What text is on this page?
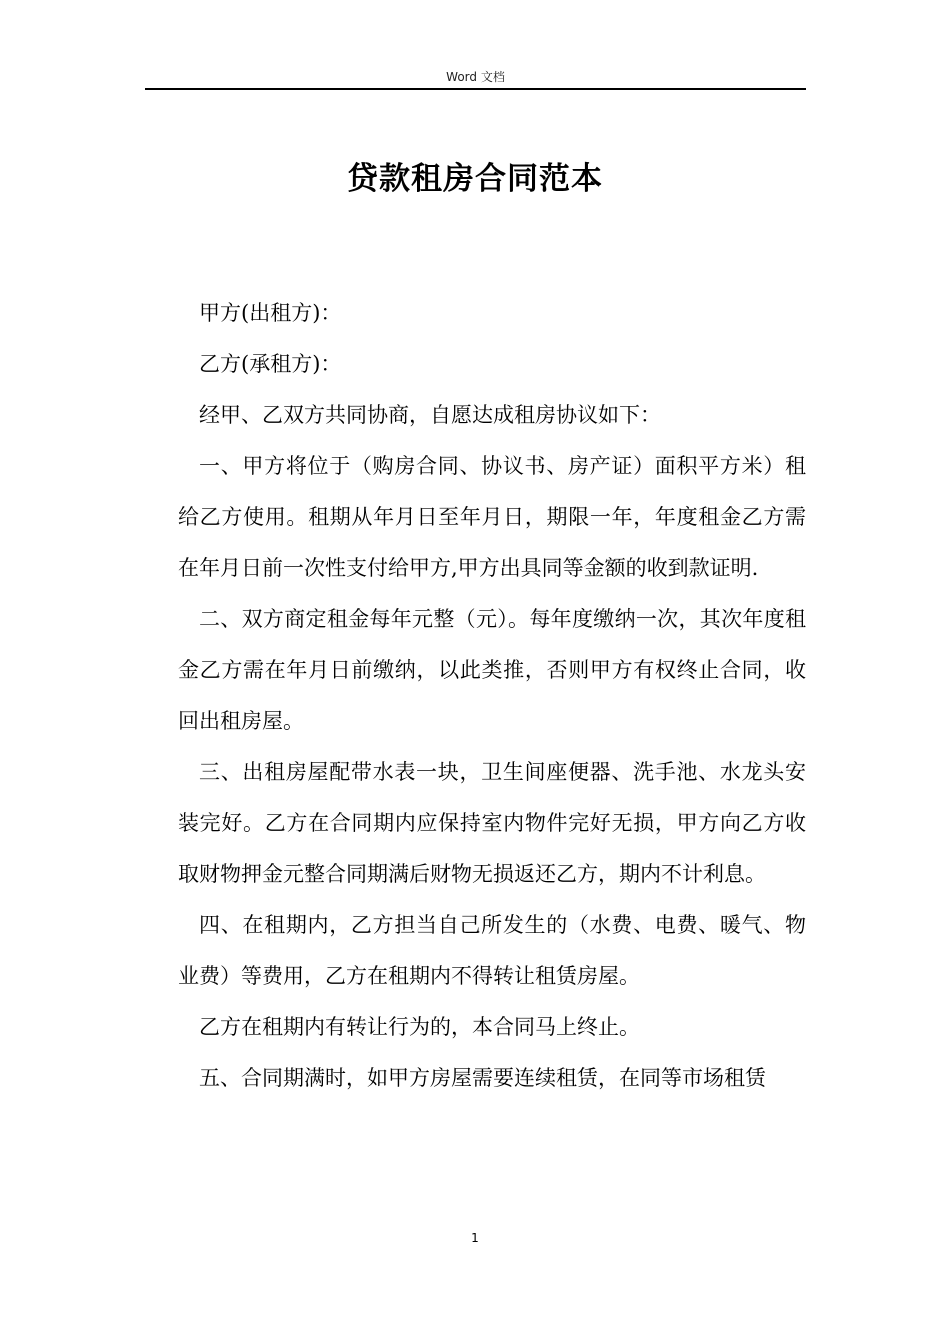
Word 文档
贷款租房合同范本

甲方(出租方)：

乙方(承租方)：

经甲、乙双方共同协商，自愿达成租房协议如下：

一、甲方将位于（购房合同、协议书、房产证）面积平方米）租给乙方使用。租期从年月日至年月日，期限一年，年度租金乙方需在年月日前一次性支付给甲方,甲方出具同等金额的收到款证明.

二、双方商定租金每年元整（元）。每年度缴纳一次，其次年度租金乙方需在年月日前缴纳，以此类推，否则甲方有权终止合同，收回出租房屋。

三、出租房屋配带水表一块，卫生间座便器、洗手池、水龙头安装完好。乙方在合同期内应保持室内物件完好无损，甲方向乙方收取财物押金元整合同期满后财物无损返还乙方，期内不计利息。

四、在租期内，乙方担当自己所发生的（水费、电费、暖气、物业费）等费用，乙方在租期内不得转让租赁房屋。

乙方在租期内有转让行为的，本合同马上终止。

五、合同期满时，如甲方房屋需要连续租赁，在同等市场租赁

1
